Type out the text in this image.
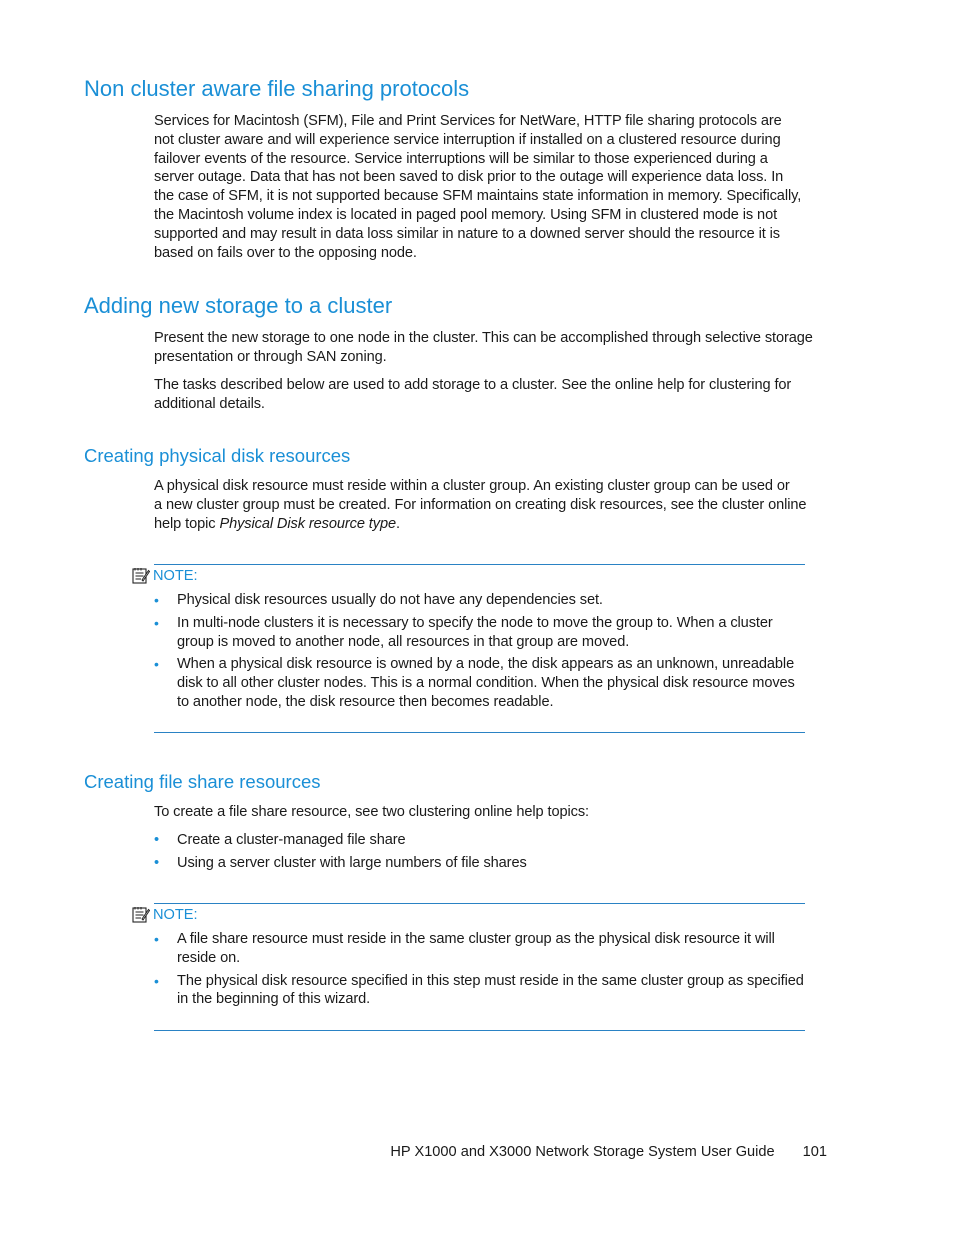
Non cluster aware file sharing protocols
Services for Macintosh (SFM), File and Print Services for NetWare, HTTP file sharing protocols are
not cluster aware and will experience service interruption if installed on a clustered resource during
failover events of the resource. Service interruptions will be similar to those experienced during a
server outage. Data that has not been saved to disk prior to the outage will experience data loss. In
the case of SFM, it is not supported because SFM maintains state information in memory. Specifically,
the Macintosh volume index is located in paged pool memory. Using SFM in clustered mode is not
supported and may result in data loss similar in nature to a downed server should the resource it is
based on fails over to the opposing node.
Adding new storage to a cluster
Present the new storage to one node in the cluster. This can be accomplished through selective storage
presentation or through SAN zoning.
The tasks described below are used to add storage to a cluster. See the online help for clustering for
additional details.
Creating physical disk resources
A physical disk resource must reside within a cluster group. An existing cluster group can be used or
a new cluster group must be created. For information on creating disk resources, see the cluster online
help topic Physical Disk resource type.
NOTE:
• Physical disk resources usually do not have any dependencies set.
• In multi-node clusters it is necessary to specify the node to move the group to. When a cluster
group is moved to another node, all resources in that group are moved.
• When a physical disk resource is owned by a node, the disk appears as an unknown, unreadable
disk to all other cluster nodes. This is a normal condition. When the physical disk resource moves
to another node, the disk resource then becomes readable.
Creating file share resources
To create a file share resource, see two clustering online help topics:
• Create a cluster-managed file share
• Using a server cluster with large numbers of file shares
NOTE:
• A file share resource must reside in the same cluster group as the physical disk resource it will
reside on.
• The physical disk resource specified in this step must reside in the same cluster group as specified
in the beginning of this wizard.
HP X1000 and X3000 Network Storage System User Guide 101
